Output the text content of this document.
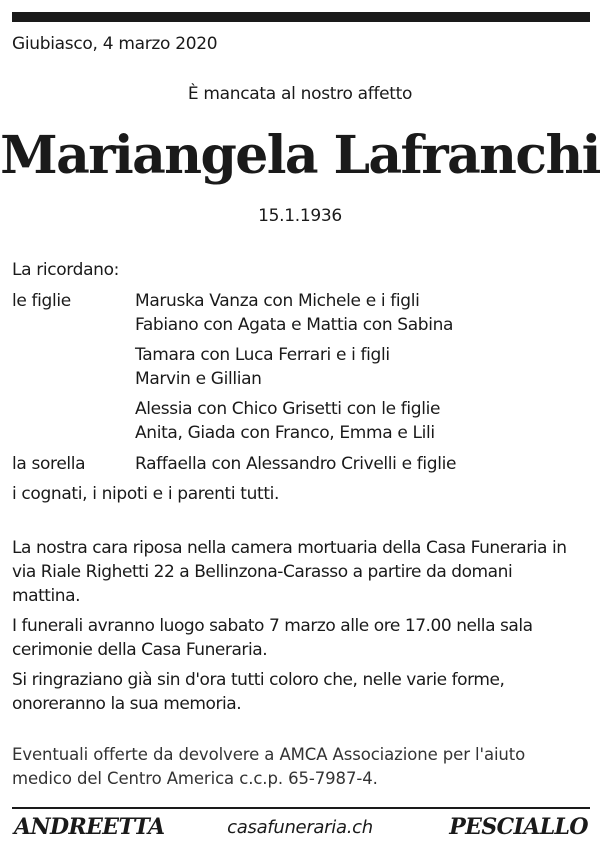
Giubiasco, 4 marzo 2020
È mancata al nostro affetto
Mariangela Lafranchi
15.1.1936
La ricordano:
le figlie	Maruska Vanza con Michele e i figli
Fabiano con Agata e Mattia con Sabina
Tamara con Luca Ferrari e i figli
Marvin e Gillian
Alessia con Chico Grisetti con le figlie
Anita, Giada con Franco, Emma e Lili
la sorella	Raffaella con Alessandro Crivelli e figlie
i cognati, i nipoti e i parenti tutti.
La nostra cara riposa nella camera mortuaria della Casa Funeraria in
via Riale Righetti 22 a Bellinzona-Carasso a partire da domani
mattina.
I funerali avranno luogo sabato 7 marzo alle ore 17.00 nella sala
cerimonie della Casa Funeraria.
Si ringraziano già sin d'ora tutti coloro che, nelle varie forme,
onoreranno la sua memoria.
Eventuali offerte da devolvere a AMCA Associazione per l'aiuto
medico del Centro America c.c.p. 65-7987-4.
ANDREETTA	casafuneraria.ch	PESCIALLO
